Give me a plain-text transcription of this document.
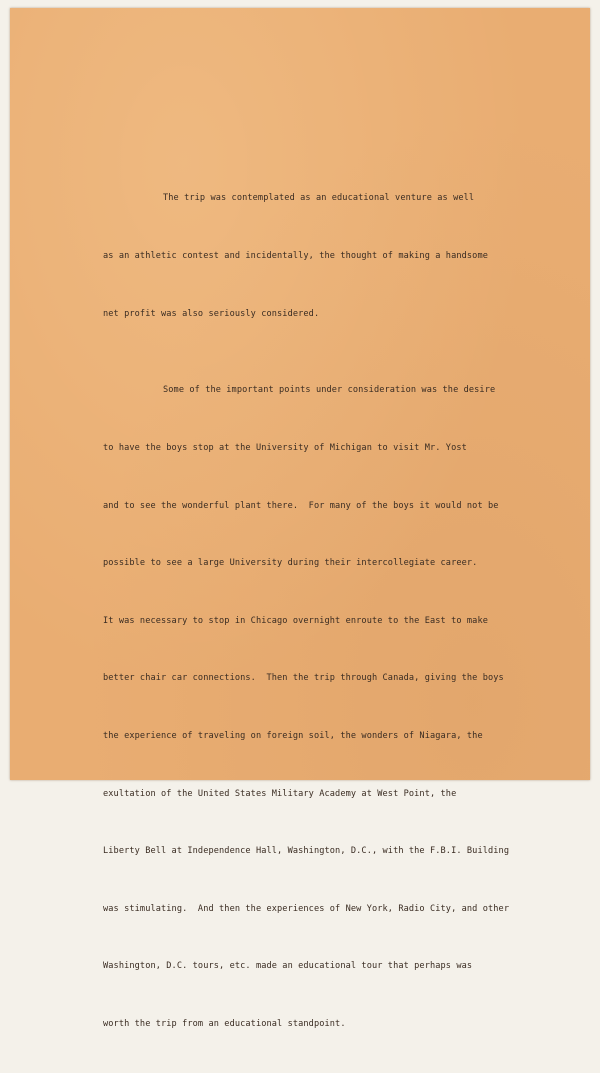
The trip was contemplated as an educational venture as well

as an athletic contest and incidentally, the thought of making a handsome

net profit was also seriously considered.

Some of the important points under consideration was the desire

to have the boys stop at the University of Michigan to visit Mr. Yost

and to see the wonderful plant there.  For many of the boys it would not be

possible to see a large University during their intercollegiate career.

It was necessary to stop in Chicago overnight enroute to the East to make

better chair car connections.  Then the trip through Canada, giving the boys

the experience of traveling on foreign soil, the wonders of Niagara, the

exultation of the United States Military Academy at West Point, the

Liberty Bell at Independence Hall, Washington, D.C., with the F.B.I. Building

was stimulating.  And then the experiences of New York, Radio City, and other

Washington, D.C. tours, etc. made an educational tour that perhaps was

worth the trip from an educational standpoint.
